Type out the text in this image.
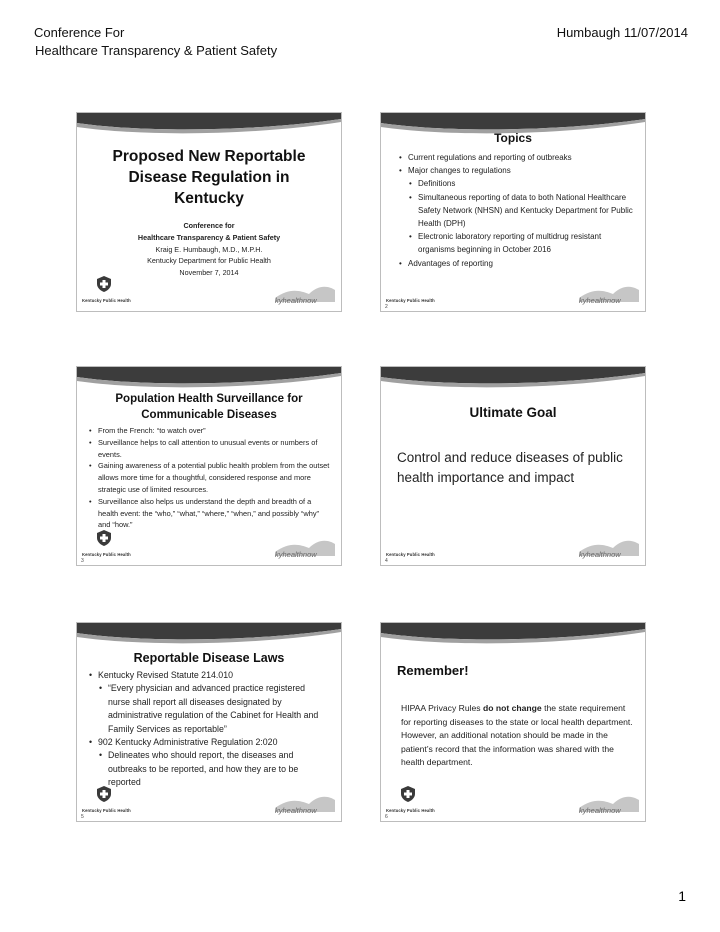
Conference For
Healthcare Transparency & Patient Safety
Humbaugh 11/07/2014
Proposed New Reportable
Disease Regulation in
Kentucky
Conference for
Healthcare Transparency & Patient Safety
Kraig E. Humbaugh, M.D., M.P.H.
Kentucky Department for Public Health
November 7, 2014
Kentucky Public Health	kyhealthnow
Topics
• Current regulations and reporting of outbreaks
• Major changes to regulations
• Definitions
• Simultaneous reporting of data to both National Healthcare Safety Network (NHSN) and Kentucky Department for Public Health (DPH)
• Electronic laboratory reporting of multidrug resistant organisms beginning in October 2016
• Advantages of reporting
Kentucky Public Health
2
kyhealthnow
Population Health Surveillance for
Communicable Diseases
• From the French: “to watch over”
• Surveillance helps to call attention to unusual events or numbers of events.
• Gaining awareness of a potential public health problem from the outset allows more time for a thoughtful, considered response and more strategic use of limited resources.
• Surveillance also helps us understand the depth and breadth of a health event: the “who,” “what,” “where,” “when,” and possibly “why” and “how.”
Kentucky Public Health
3
kyhealthnow
Ultimate Goal
Control and reduce diseases of public health importance and impact
Kentucky Public Health
4
kyhealthnow
Reportable Disease Laws
• Kentucky Revised Statute 214.010
• “Every physician and advanced practice registered nurse shall report all diseases designated by administrative regulation of the Cabinet for Health and Family Services as reportable”
• 902 Kentucky Administrative Regulation 2:020
• Delineates who should report, the diseases and outbreaks to be reported, and how they are to be reported
Kentucky Public Health
5
kyhealthnow
Remember!
HIPAA Privacy Rules do not change the state requirement for reporting diseases to the state or local health department. However, an additional notation should be made in the patient’s record that the information was shared with the health department.
Kentucky Public Health
6
kyhealthnow
1
